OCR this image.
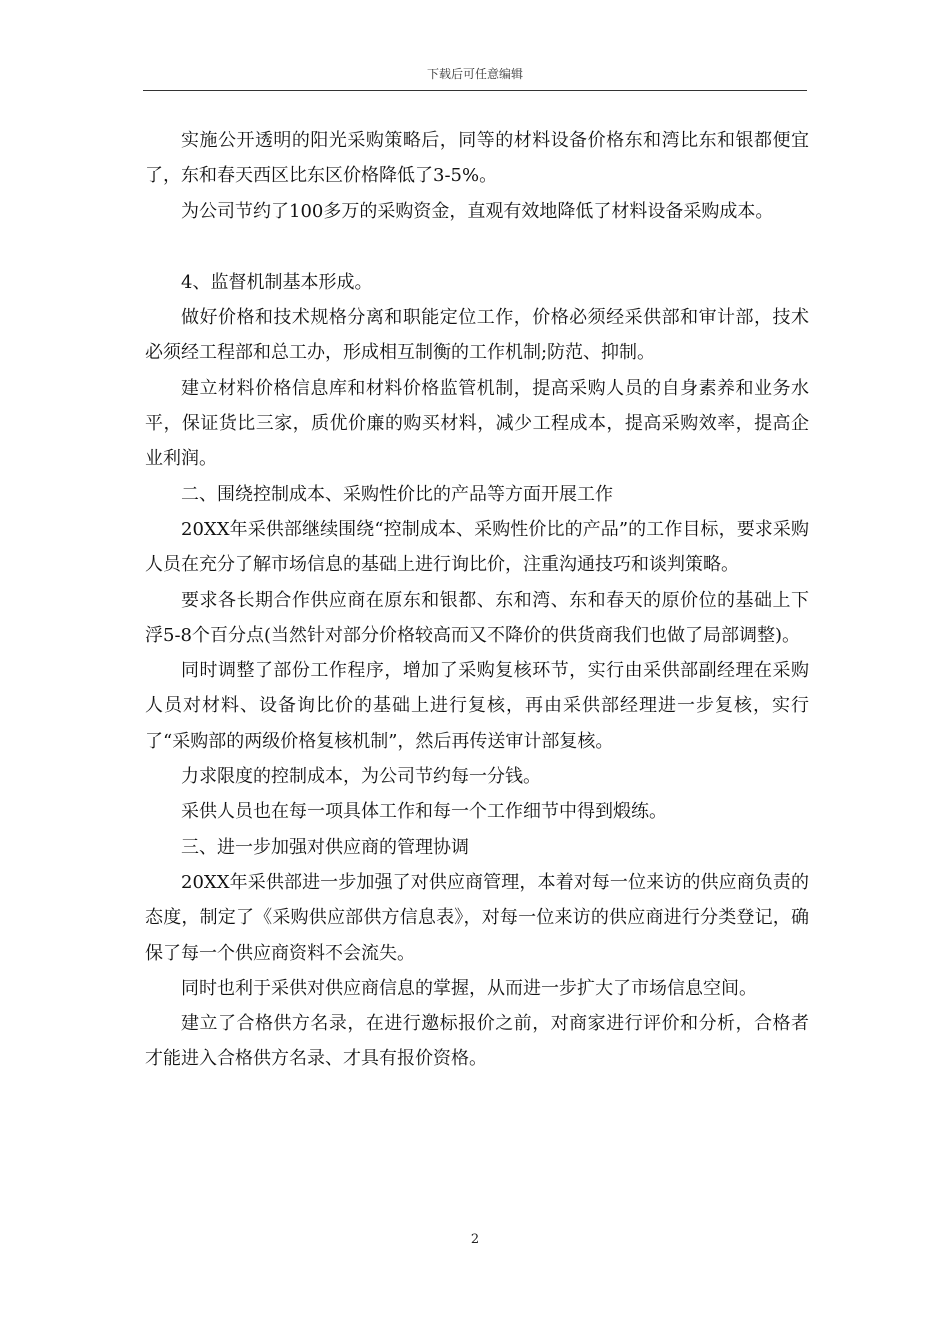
下载后可任意编辑

实施公开透明的阳光采购策略后，同等的材料设备价格东和湾比东和银都便宜了，东和春天西区比东区价格降低了3-5%。

为公司节约了100多万的采购资金，直观有效地降低了材料设备采购成本。

4、监督机制基本形成。

做好价格和技术规格分离和职能定位工作，价格必须经采供部和审计部，技术必须经工程部和总工办，形成相互制衡的工作机制;防范、抑制。

建立材料价格信息库和材料价格监管机制，提高采购人员的自身素养和业务水平，保证货比三家，质优价廉的购买材料，减少工程成本，提高采购效率，提高企业利润。

二、围绕控制成本、采购性价比的产品等方面开展工作

20XX年采供部继续围绕“控制成本、采购性价比的产品”的工作目标，要求采购人员在充分了解市场信息的基础上进行询比价，注重沟通技巧和谈判策略。

要求各长期合作供应商在原东和银都、东和湾、东和春天的原价位的基础上下浮5-8个百分点(当然针对部分价格较高而又不降价的供货商我们也做了局部调整)。

同时调整了部份工作程序，增加了采购复核环节，实行由采供部副经理在采购人员对材料、设备询比价的基础上进行复核，再由采供部经理进一步复核，实行了“采购部的两级价格复核机制”，然后再传送审计部复核。

力求限度的控制成本，为公司节约每一分钱。

采供人员也在每一项具体工作和每一个工作细节中得到煅练。

三、进一步加强对供应商的管理协调

20XX年采供部进一步加强了对供应商管理，本着对每一位来访的供应商负责的态度，制定了《采购供应部供方信息表》，对每一位来访的供应商进行分类登记，确保了每一个供应商资料不会流失。

同时也利于采供对供应商信息的掌握，从而进一步扩大了市场信息空间。

建立了合格供方名录，在进行邀标报价之前，对商家进行评价和分析，合格者才能进入合格供方名录、才具有报价资格。

2
